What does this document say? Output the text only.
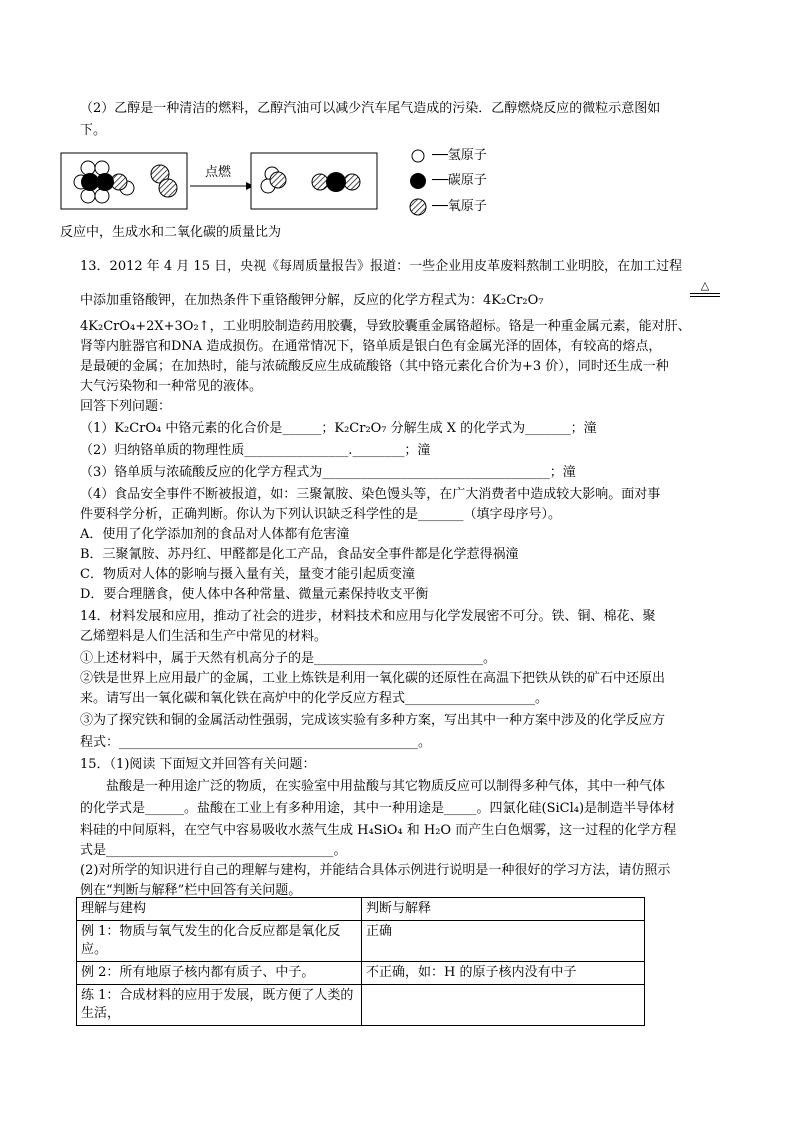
（2）乙醇是一种清洁的燃料，乙醇汽油可以减少汽车尾气造成的污染．乙醇燃烧反应的微粒示意图如
下。
点燃
──氢原子
──碳原子
──氧原子
反应中，生成水和二氧化碳的质量比为
13．2012 年 4 月 15 日，央视《每周质量报告》报道：一些企业用皮革废料熬制工业明胶，在加工过程
中添加重铬酸钾，在加热条件下重铬酸钾分解，反应的化学方程式为：4K₂Cr₂O₇
△
4K₂CrO₄+2X+3O₂↑，工业明胶制造药用胶囊，导致胶囊重金属铬超标。铬是一种重金属元素，能对肝、
肾等内脏器官和DNA 造成损伤。在通常情况下，铬单质是银白色有金属光泽的固体，有较高的熔点，
是最硬的金属；在加热时，能与浓硫酸反应生成硫酸铬（其中铬元素化合价为+3 价），同时还生成一种
大气污染物和一种常见的液体。
回答下列问题：
（1）K₂CrO₄ 中铬元素的化合价是______；K₂Cr₂O₇ 分解生成 X 的化学式为_______；潼
（2）归纳铬单质的物理性质________________.________；潼
（3）铬单质与浓硫酸反应的化学方程式为___________________________________；潼
（4）食品安全事件不断被报道，如：三聚氰胺、染色馒头等，在广大消费者中造成较大影响。面对事
件要科学分析，正确判断。你认为下列认识缺乏科学性的是_______（填字母序号）。
A．使用了化学添加剂的食品对人体都有危害潼
B．三聚氰胺、苏丹红、甲醛都是化工产品，食品安全事件都是化学惹得祸潼
C．物质对人体的影响与摄入量有关，量变才能引起质变潼
D．要合理膳食，使人体中各种常量、微量元素保持收支平衡
14．材料发展和应用，推动了社会的进步，材料技术和应用与化学发展密不可分。铁、铜、棉花、聚
乙烯塑料是人们生活和生产中常见的材料。
①上述材料中，属于天然有机高分子的是__________________________。
②铁是世界上应用最广的金属，工业上炼铁是利用一氧化碳的还原性在高温下把铁从铁的矿石中还原出
来。请写出一氧化碳和氧化铁在高炉中的化学反应方程式____________________。
③为了探究铁和铜的金属活动性强弱，完成该实验有多种方案，写出其中一种方案中涉及的化学反应方
程式：______________________________________________。
15．（1)阅读 下面短文并回答有关问题：
　　盐酸是一种用途广泛的物质，在实验室中用盐酸与其它物质反应可以制得多种气体，其中一种气体
的化学式是______。盐酸在工业上有多种用途，其中一种用途是_____。四氯化硅(SiCl₄)是制造半导体材
料硅的中间原料，在空气中容易吸收水蒸气生成 H₄SiO₄ 和 H₂O 而产生白色烟雾，这一过程的化学方程
式是___________________________________。
(2)对所学的知识进行自己的理解与建构，并能结合具体示例进行说明是一种很好的学习方法，请仿照示
例在“判断与解释”栏中回答有关问题。
理解与建构	判断与解释
例 1：物质与氧气发生的化合反应都是氧化反应。	正确
例 2：所有地原子核内都有质子、中子。	不正确，如：H 的原子核内没有中子
练 1：合成材料的应用于发展，既方便了人类的生活，	
